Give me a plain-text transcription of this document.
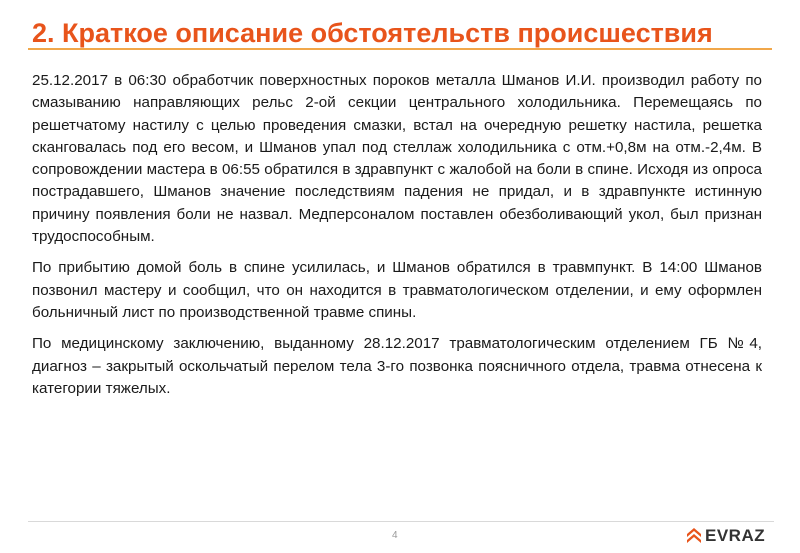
2. Краткое описание обстоятельств происшествия

25.12.2017 в 06:30 обработчик поверхностных пороков металла Шманов И.И. производил работу по смазыванию направляющих рельс 2-ой секции центрального холодильника. Перемещаясь по решетчатому настилу с целью проведения смазки, встал на очередную решетку настила, решетка сканговалась под его весом, и Шманов упал под стеллаж холодильника с отм.+0,8м на отм.-2,4м. В сопровождении мастера в 06:55 обратился в здравпункт с жалобой на боли в спине. Исходя из опроса пострадавшего, Шманов значение последствиям падения не придал, и в здравпункте истинную причину появления боли не назвал. Медперсоналом поставлен обезболивающий укол, был признан трудоспособным.

По прибытию домой боль в спине усилилась, и Шманов обратился в травмпункт. В 14:00 Шманов позвонил мастеру и сообщил, что он находится в травматологическом отделении, и ему оформлен больничный лист по производственной травме спины.

По медицинскому заключению, выданному 28.12.2017 травматологическим отделением ГБ №4, диагноз – закрытый оскольчатый перелом тела 3-го позвонка поясничного отдела, травма отнесена к категории тяжелых.

4	EVRAZ
